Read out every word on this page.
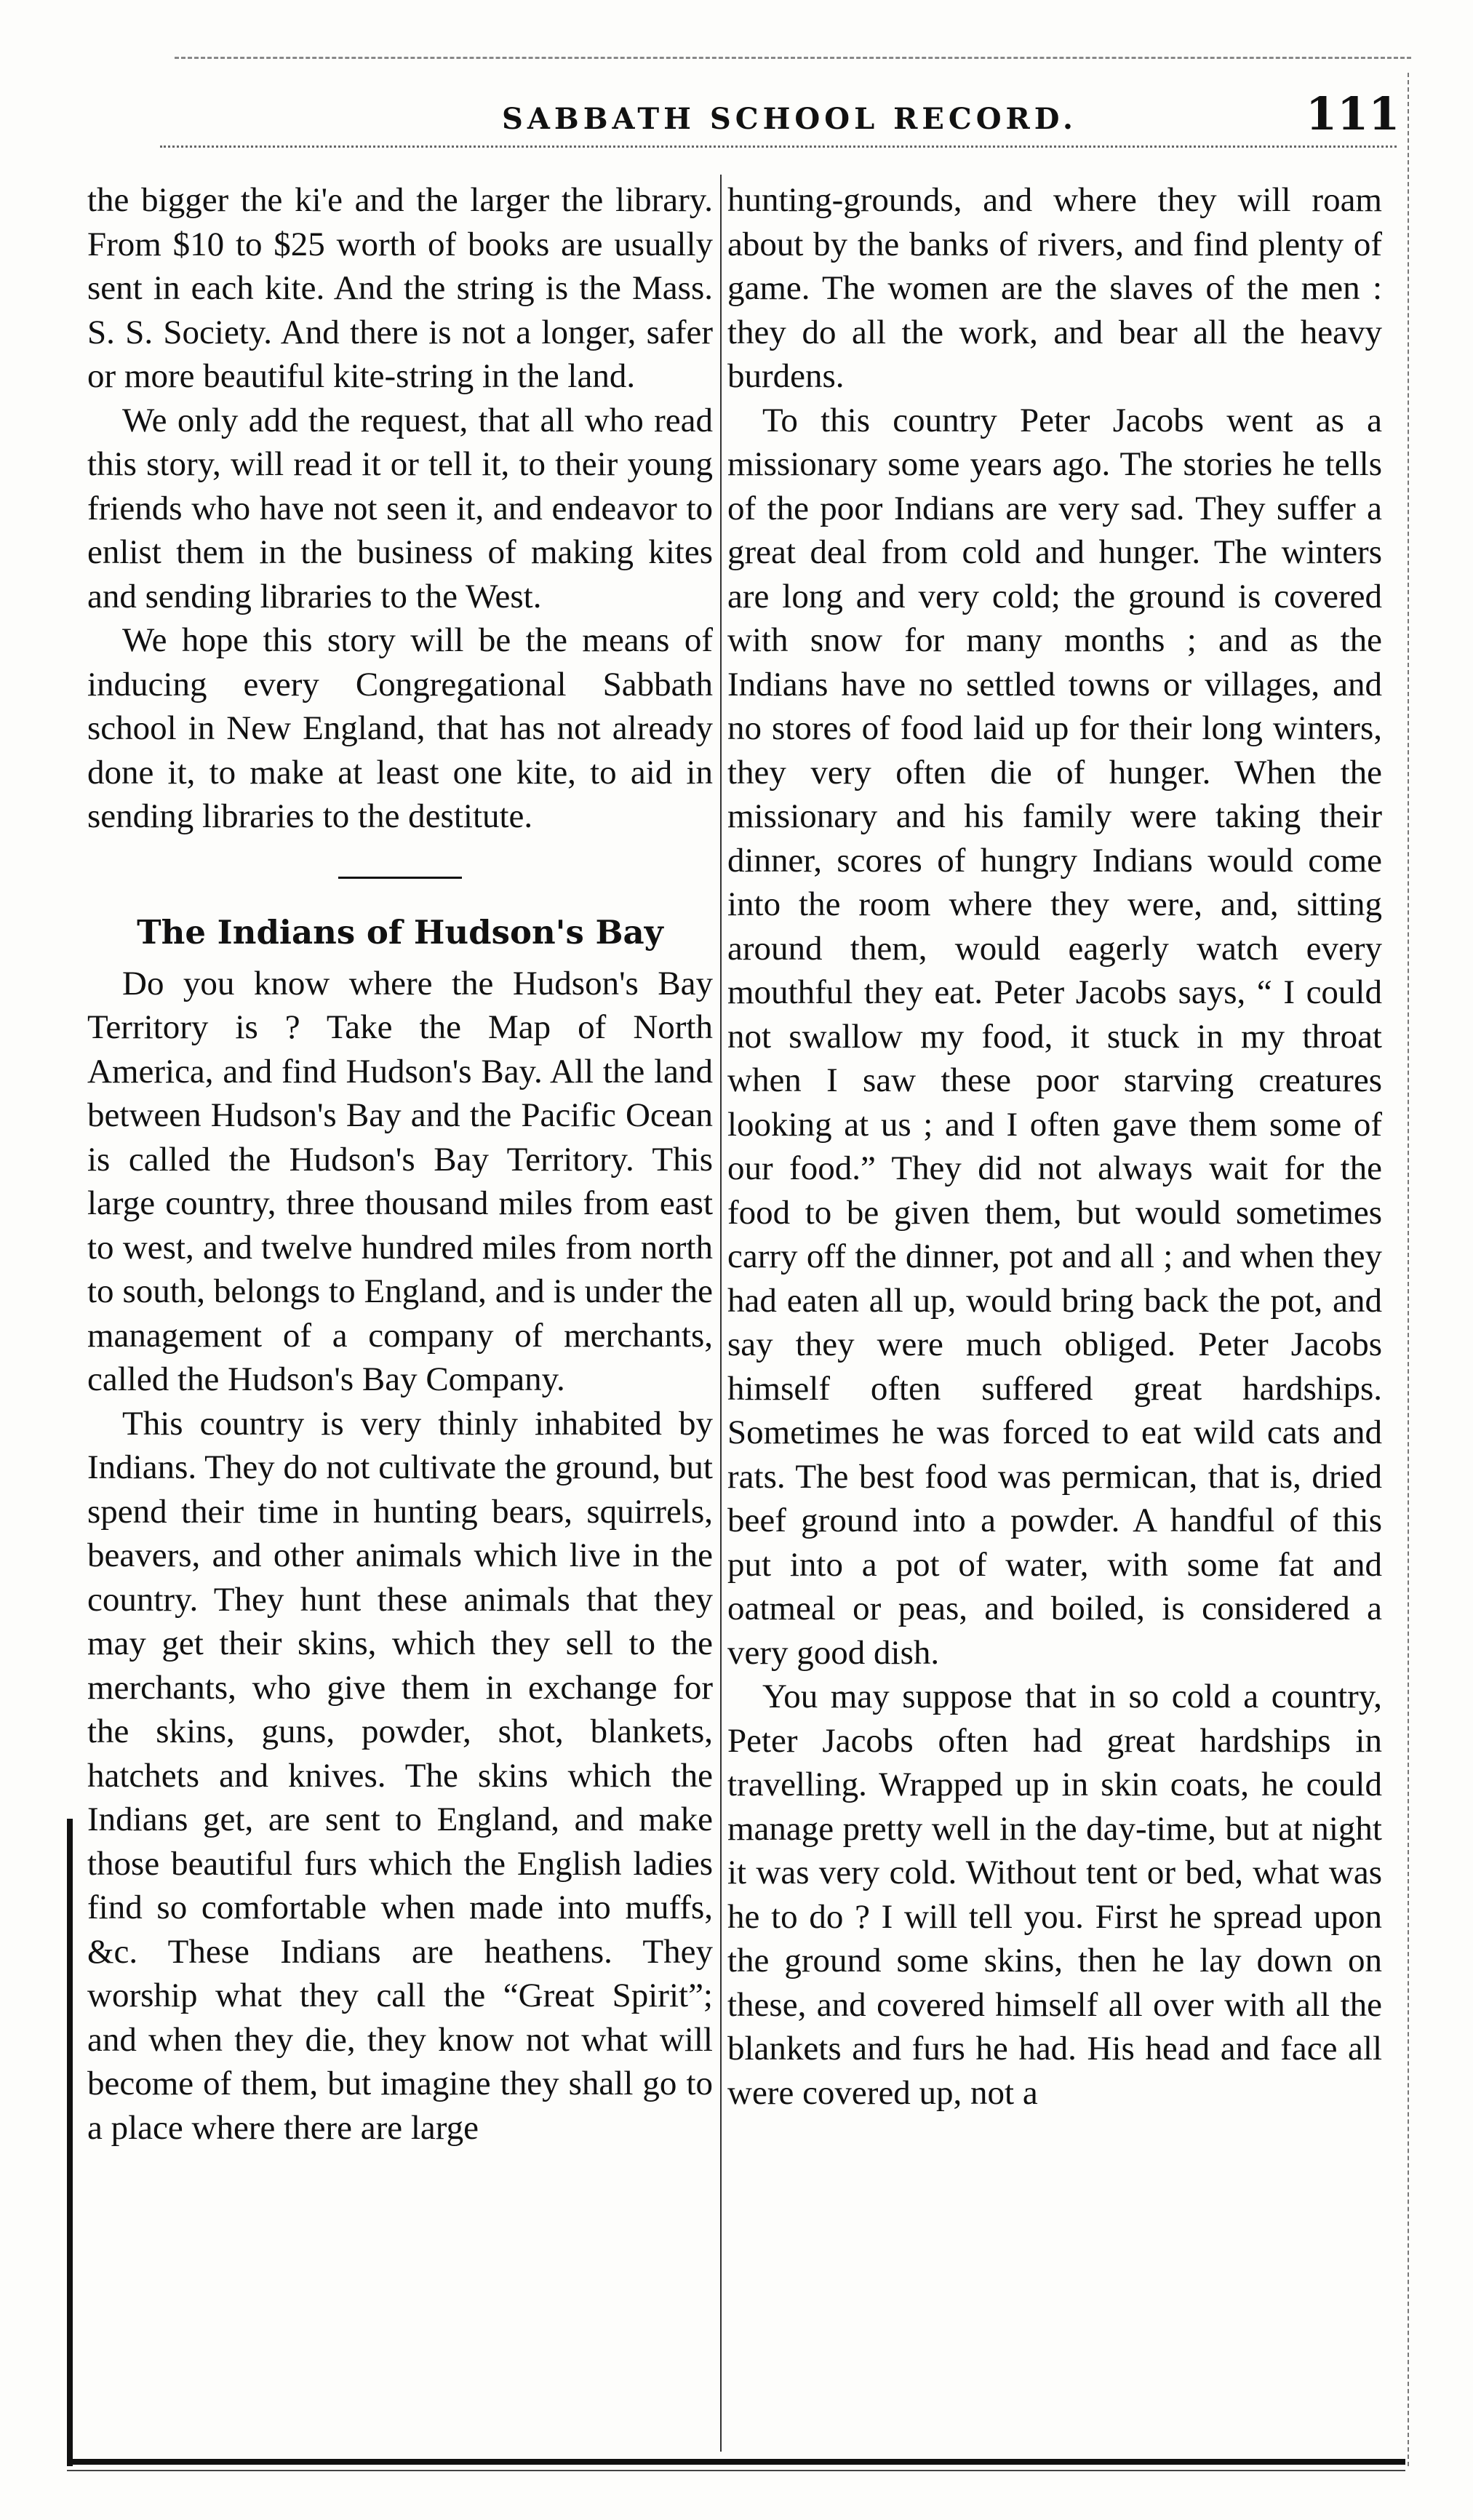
SABBATH SCHOOL RECORD.	111

the bigger the ki'e and the larger the library. From $10 to $25 worth of books are usually sent in each kite. And the string is the Mass. S. S. Society. And there is not a longer, safer or more beautiful kite-string in the land.

We only add the request, that all who read this story, will read it or tell it, to their young friends who have not seen it, and endeavor to enlist them in the business of making kites and sending libraries to the West.

We hope this story will be the means of inducing every Congregational Sabbath school in New England, that has not already done it, to make at least one kite, to aid in sending libraries to the destitute.

The Indians of Hudson's Bay

Do you know where the Hudson's Bay Territory is ? Take the Map of North America, and find Hudson's Bay. All the land between Hudson's Bay and the Pacific Ocean is called the Hudson's Bay Territory. This large country, three thousand miles from east to west, and twelve hundred miles from north to south, belongs to England, and is under the management of a company of merchants, called the Hudson's Bay Company.

This country is very thinly inhabited by Indians. They do not cultivate the ground, but spend their time in hunting bears, squirrels, beavers, and other animals which live in the country. They hunt these animals that they may get their skins, which they sell to the merchants, who give them in exchange for the skins, guns, powder, shot, blankets, hatchets and knives. The skins which the Indians get, are sent to England, and make those beautiful furs which the English ladies find so comfortable when made into muffs, &c. These Indians are heathens. They worship what they call the “Great Spirit”; and when they die, they know not what will become of them, but imagine they shall go to a place where there are large

hunting-grounds, and where they will roam about by the banks of rivers, and find plenty of game. The women are the slaves of the men : they do all the work, and bear all the heavy burdens.

To this country Peter Jacobs went as a missionary some years ago. The stories he tells of the poor Indians are very sad. They suffer a great deal from cold and hunger. The winters are long and very cold; the ground is covered with snow for many months ; and as the Indians have no settled towns or villages, and no stores of food laid up for their long winters, they very often die of hunger. When the missionary and his family were taking their dinner, scores of hungry Indians would come into the room where they were, and, sitting around them, would eagerly watch every mouthful they eat. Peter Jacobs says, “ I could not swallow my food, it stuck in my throat when I saw these poor starving creatures looking at us ; and I often gave them some of our food.” They did not always wait for the food to be given them, but would sometimes carry off the dinner, pot and all ; and when they had eaten all up, would bring back the pot, and say they were much obliged. Peter Jacobs himself often suffered great hardships. Sometimes he was forced to eat wild cats and rats. The best food was permican, that is, dried beef ground into a powder. A handful of this put into a pot of water, with some fat and oatmeal or peas, and boiled, is considered a very good dish.

You may suppose that in so cold a country, Peter Jacobs often had great hardships in travelling. Wrapped up in skin coats, he could manage pretty well in the day-time, but at night it was very cold. Without tent or bed, what was he to do ? I will tell you. First he spread upon the ground some skins, then he lay down on these, and covered himself all over with all the blankets and furs he had. His head and face all were covered up, not a
